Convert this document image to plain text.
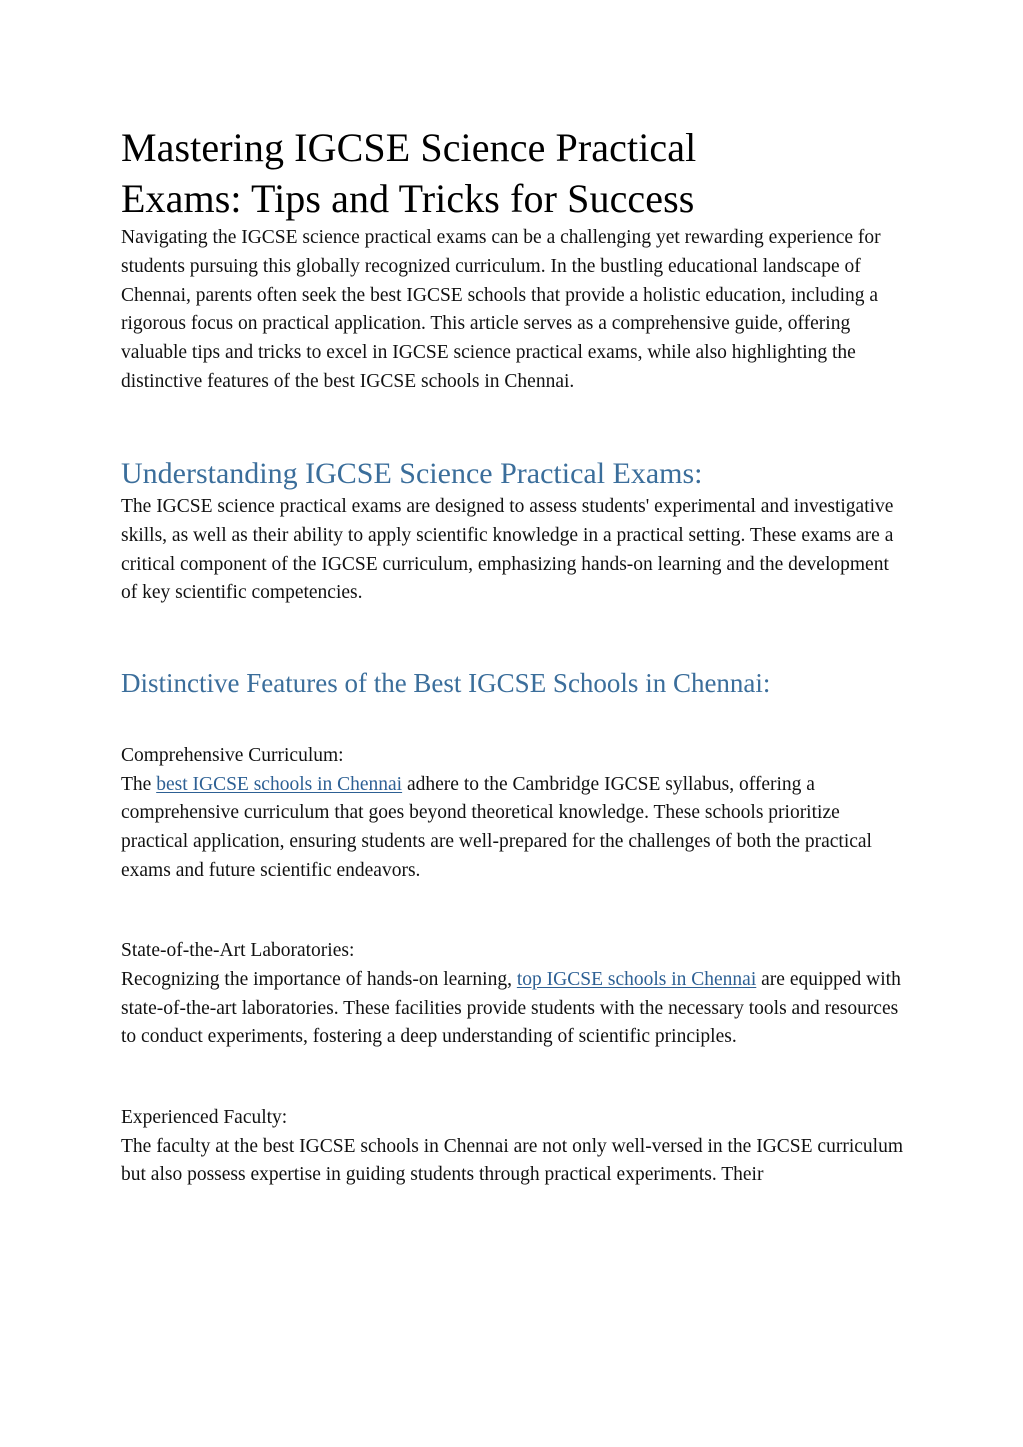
Mastering IGCSE Science Practical Exams: Tips and Tricks for Success

Navigating the IGCSE science practical exams can be a challenging yet rewarding experience for students pursuing this globally recognized curriculum. In the bustling educational landscape of Chennai, parents often seek the best IGCSE schools that provide a holistic education, including a rigorous focus on practical application. This article serves as a comprehensive guide, offering valuable tips and tricks to excel in IGCSE science practical exams, while also highlighting the distinctive features of the best IGCSE schools in Chennai.

Understanding IGCSE Science Practical Exams:

The IGCSE science practical exams are designed to assess students' experimental and investigative skills, as well as their ability to apply scientific knowledge in a practical setting. These exams are a critical component of the IGCSE curriculum, emphasizing hands-on learning and the development of key scientific competencies.

Distinctive Features of the Best IGCSE Schools in Chennai:

Comprehensive Curriculum:

The best IGCSE schools in Chennai adhere to the Cambridge IGCSE syllabus, offering a comprehensive curriculum that goes beyond theoretical knowledge. These schools prioritize practical application, ensuring students are well-prepared for the challenges of both the practical exams and future scientific endeavors.

State-of-the-Art Laboratories:

Recognizing the importance of hands-on learning, top IGCSE schools in Chennai are equipped with state-of-the-art laboratories. These facilities provide students with the necessary tools and resources to conduct experiments, fostering a deep understanding of scientific principles.

Experienced Faculty:

The faculty at the best IGCSE schools in Chennai are not only well-versed in the IGCSE curriculum but also possess expertise in guiding students through practical experiments. Their
